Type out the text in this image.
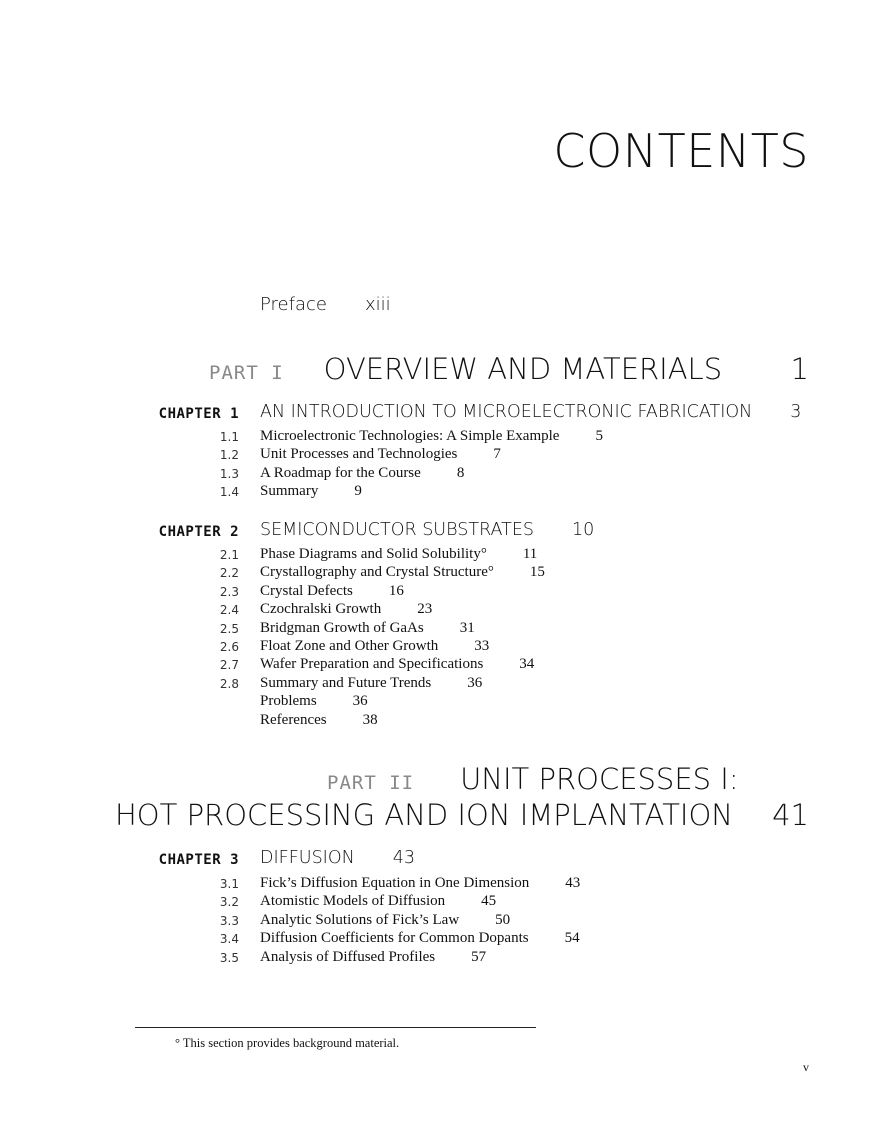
CONTENTS
Preface xiii
PART I OVERVIEW AND MATERIALS 1
CHAPTER 1 AN INTRODUCTION TO MICROELECTRONIC FABRICATION 3
1.1 Microelectronic Technologies: A Simple Example 5
1.2 Unit Processes and Technologies 7
1.3 A Roadmap for the Course 8
1.4 Summary 9
CHAPTER 2 SEMICONDUCTOR SUBSTRATES 10
2.1 Phase Diagrams and Solid Solubility° 11
2.2 Crystallography and Crystal Structure° 15
2.3 Crystal Defects 16
2.4 Czochralski Growth 23
2.5 Bridgman Growth of GaAs 31
2.6 Float Zone and Other Growth 33
2.7 Wafer Preparation and Specifications 34
2.8 Summary and Future Trends 36
Problems 36
References 38
PART II UNIT PROCESSES I:
HOT PROCESSING AND ION IMPLANTATION 41
CHAPTER 3 DIFFUSION 43
3.1 Fick’s Diffusion Equation in One Dimension 43
3.2 Atomistic Models of Diffusion 45
3.3 Analytic Solutions of Fick’s Law 50
3.4 Diffusion Coefficients for Common Dopants 54
3.5 Analysis of Diffused Profiles 57
° This section provides background material.
v
